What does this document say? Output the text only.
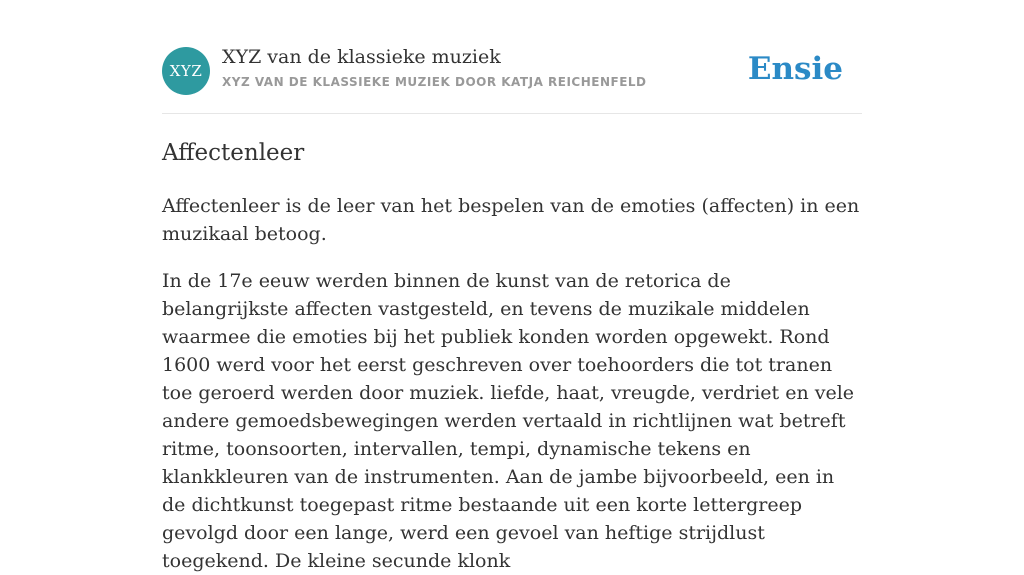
XYZ
XYZ van de klassieke muziek
XYZ VAN DE KLASSIEKE MUZIEK DOOR KATJA REICHENFELD	Ensie
Affectenleer

Affectenleer is de leer van het bespelen van de emoties (affecten) in een muzikaal betoog.

In de 17e eeuw werden binnen de kunst van de retorica de belangrijkste affecten vastgesteld, en tevens de muzikale middelen waarmee die emoties bij het publiek konden worden opgewekt. Rond 1600 werd voor het eerst geschreven over toehoorders die tot tranen toe geroerd werden door muziek. liefde, haat, vreugde, verdriet en vele andere gemoedsbewegingen werden vertaald in richtlijnen wat betreft ritme, toonsoorten, intervallen, tempi, dynamische tekens en klankkleuren van de instrumenten. Aan de jambe bijvoorbeeld, een in de dichtkunst toegepast ritme bestaande uit een korte lettergreep gevolgd door een lange, werd een gevoel van heftige strijdlust toegekend. De kleine secunde klonk
